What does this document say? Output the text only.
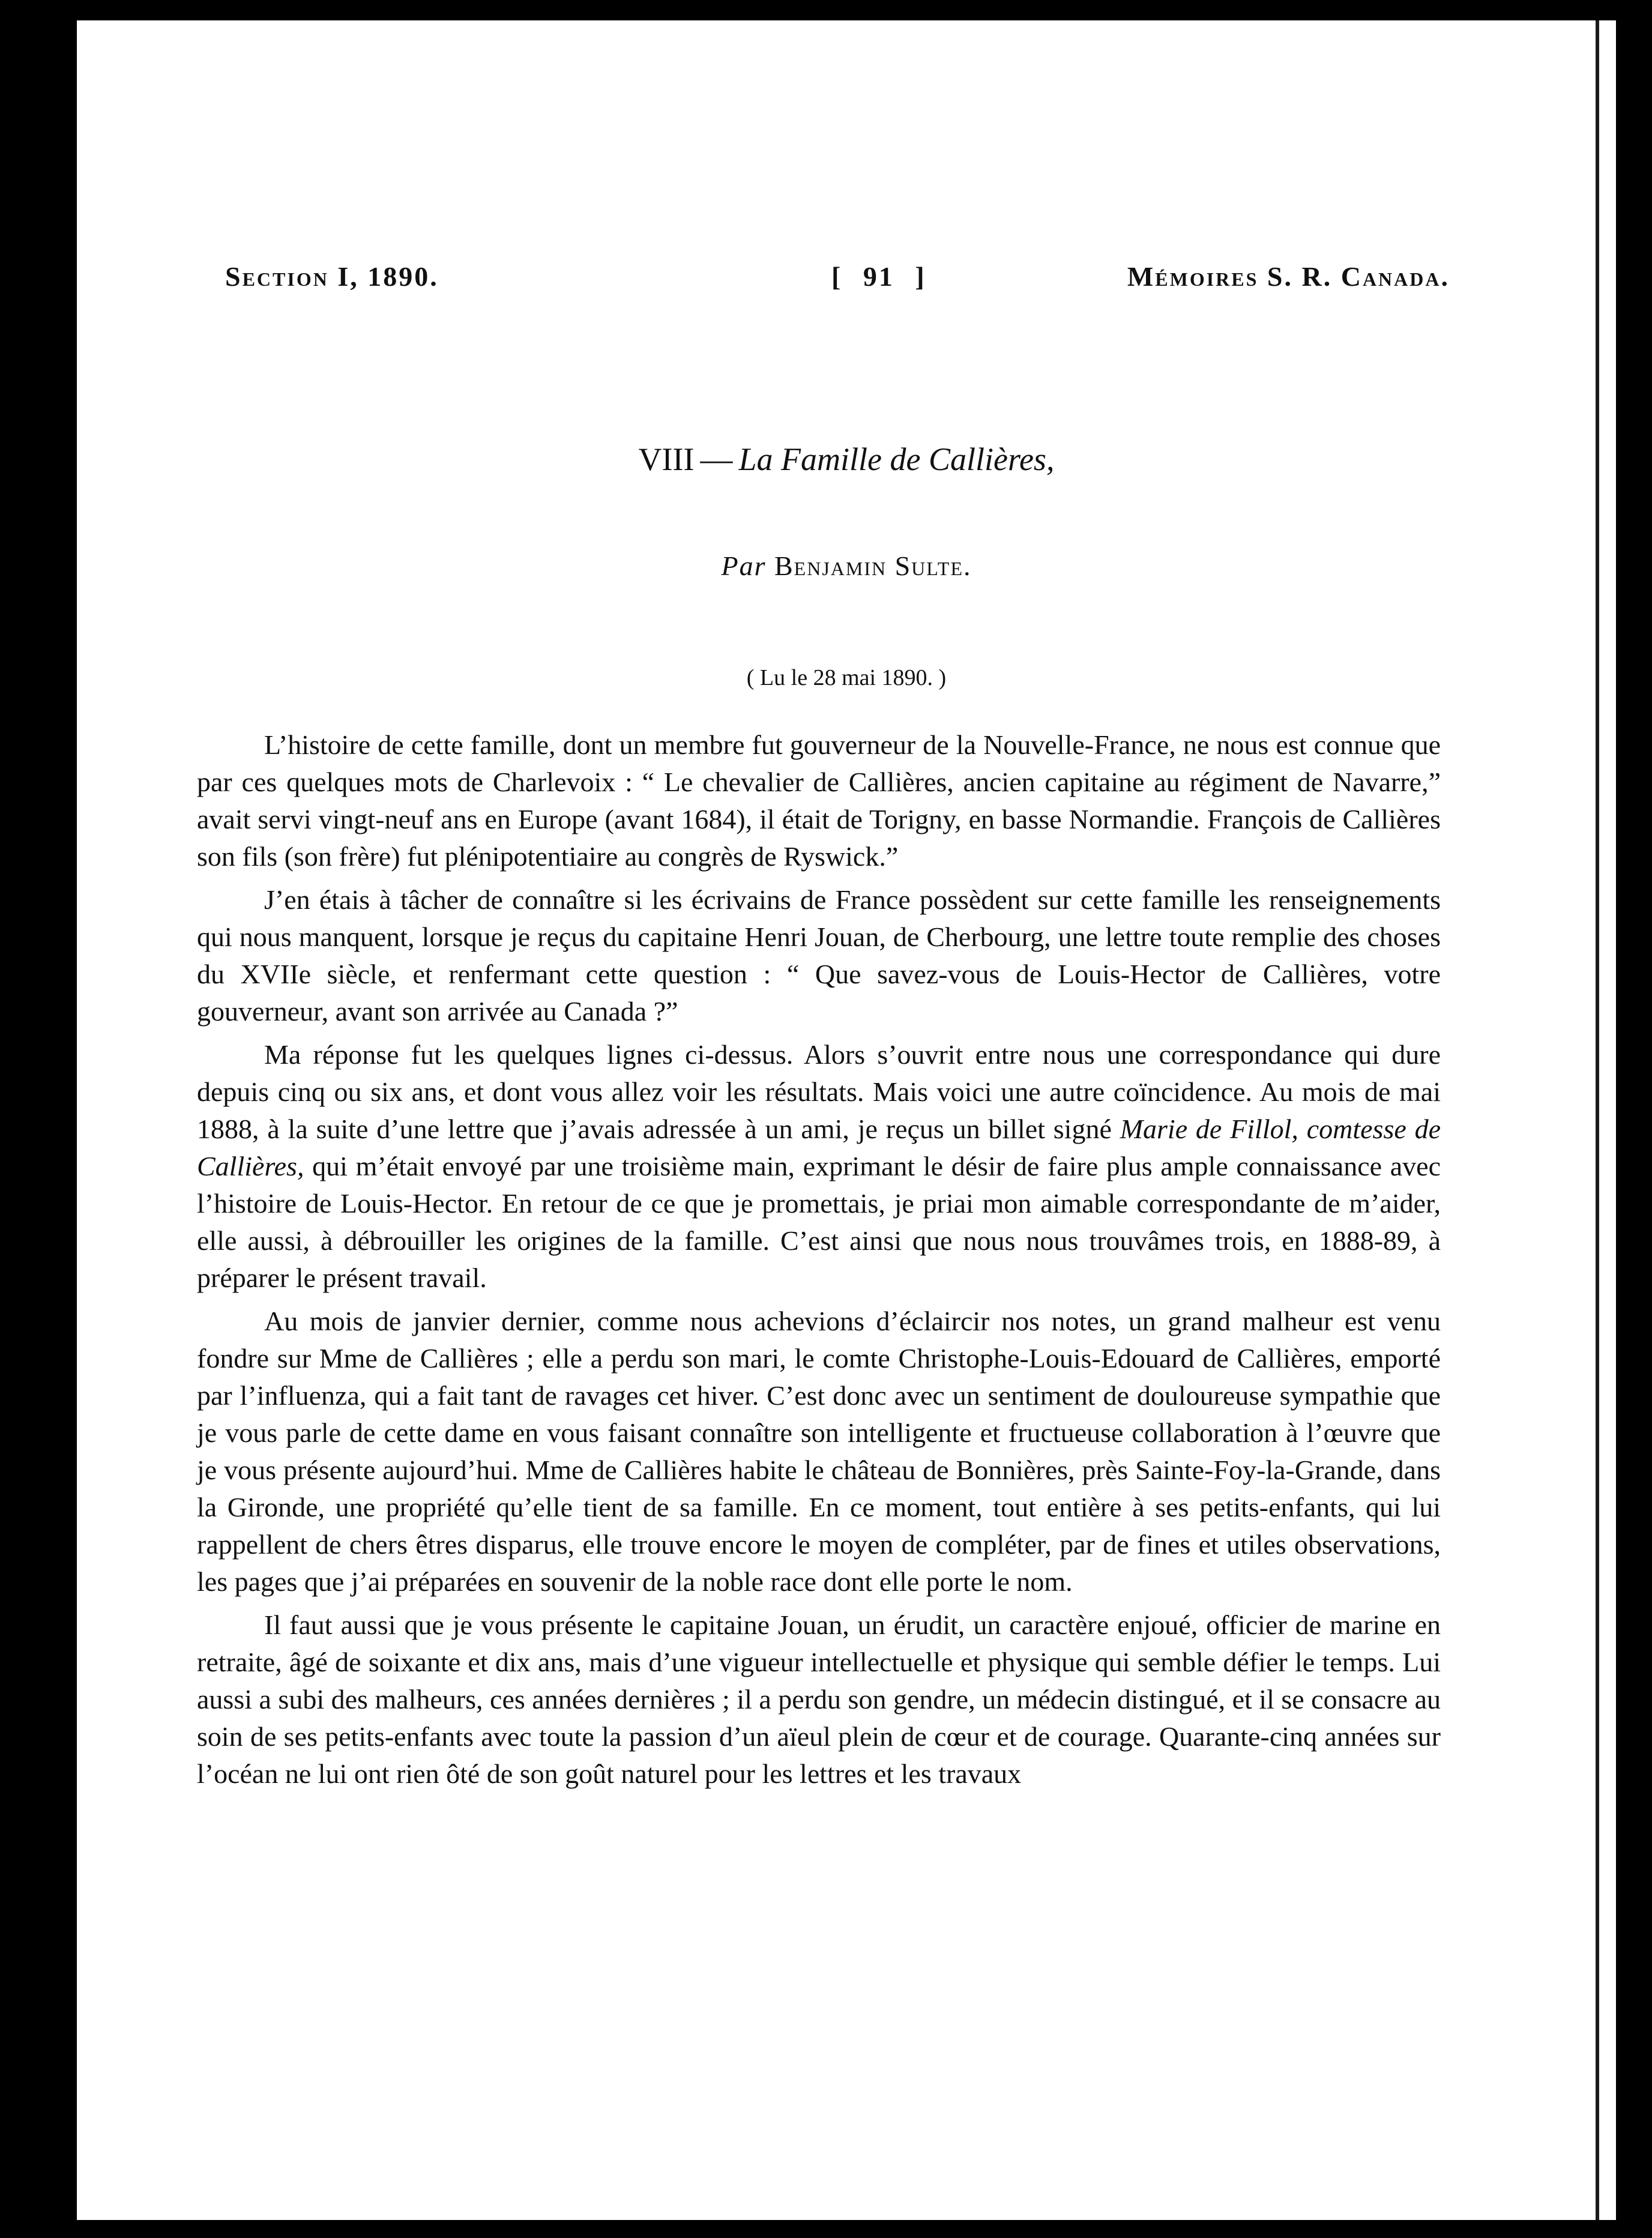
Section I, 1890.	[ 91 ]	Mémoires S. R. Canada.
VIII — La Famille de Callières,
Par Benjamin Sulte.
( Lu le 28 mai 1890. )

L’histoire de cette famille, dont un membre fut gouverneur de la Nouvelle-France, ne nous est connue que par ces quelques mots de Charlevoix : “ Le chevalier de Callières, ancien capitaine au régiment de Navarre,” avait servi vingt-neuf ans en Europe (avant 1684), il était de Torigny, en basse Normandie. François de Callières son fils (son frère) fut plénipotentiaire au congrès de Ryswick.”

J’en étais à tâcher de connaître si les écrivains de France possèdent sur cette famille les renseignements qui nous manquent, lorsque je reçus du capitaine Henri Jouan, de Cherbourg, une lettre toute remplie des choses du XVIIe siècle, et renfermant cette question : “ Que savez-vous de Louis-Hector de Callières, votre gouverneur, avant son arrivée au Canada ?”

Ma réponse fut les quelques lignes ci-dessus. Alors s’ouvrit entre nous une correspondance qui dure depuis cinq ou six ans, et dont vous allez voir les résultats. Mais voici une autre coïncidence. Au mois de mai 1888, à la suite d’une lettre que j’avais adressée à un ami, je reçus un billet signé Marie de Fillol, comtesse de Callières, qui m’était envoyé par une troisième main, exprimant le désir de faire plus ample connaissance avec l’histoire de Louis-Hector. En retour de ce que je promettais, je priai mon aimable correspondante de m’aider, elle aussi, à débrouiller les origines de la famille. C’est ainsi que nous nous trouvâmes trois, en 1888-89, à préparer le présent travail.

Au mois de janvier dernier, comme nous achevions d’éclaircir nos notes, un grand malheur est venu fondre sur Mme de Callières ; elle a perdu son mari, le comte Christophe-Louis-Edouard de Callières, emporté par l’influenza, qui a fait tant de ravages cet hiver. C’est donc avec un sentiment de douloureuse sympathie que je vous parle de cette dame en vous faisant connaître son intelligente et fructueuse collaboration à l’œuvre que je vous présente aujourd’hui. Mme de Callières habite le château de Bonnières, près Sainte-Foy-la-Grande, dans la Gironde, une propriété qu’elle tient de sa famille. En ce moment, tout entière à ses petits-enfants, qui lui rappellent de chers êtres disparus, elle trouve encore le moyen de compléter, par de fines et utiles observations, les pages que j’ai préparées en souvenir de la noble race dont elle porte le nom.

Il faut aussi que je vous présente le capitaine Jouan, un érudit, un caractère enjoué, officier de marine en retraite, âgé de soixante et dix ans, mais d’une vigueur intellectuelle et physique qui semble défier le temps. Lui aussi a subi des malheurs, ces années dernières ; il a perdu son gendre, un médecin distingué, et il se consacre au soin de ses petits-enfants avec toute la passion d’un aïeul plein de cœur et de courage. Quarante-cinq années sur l’océan ne lui ont rien ôté de son goût naturel pour les lettres et les travaux
